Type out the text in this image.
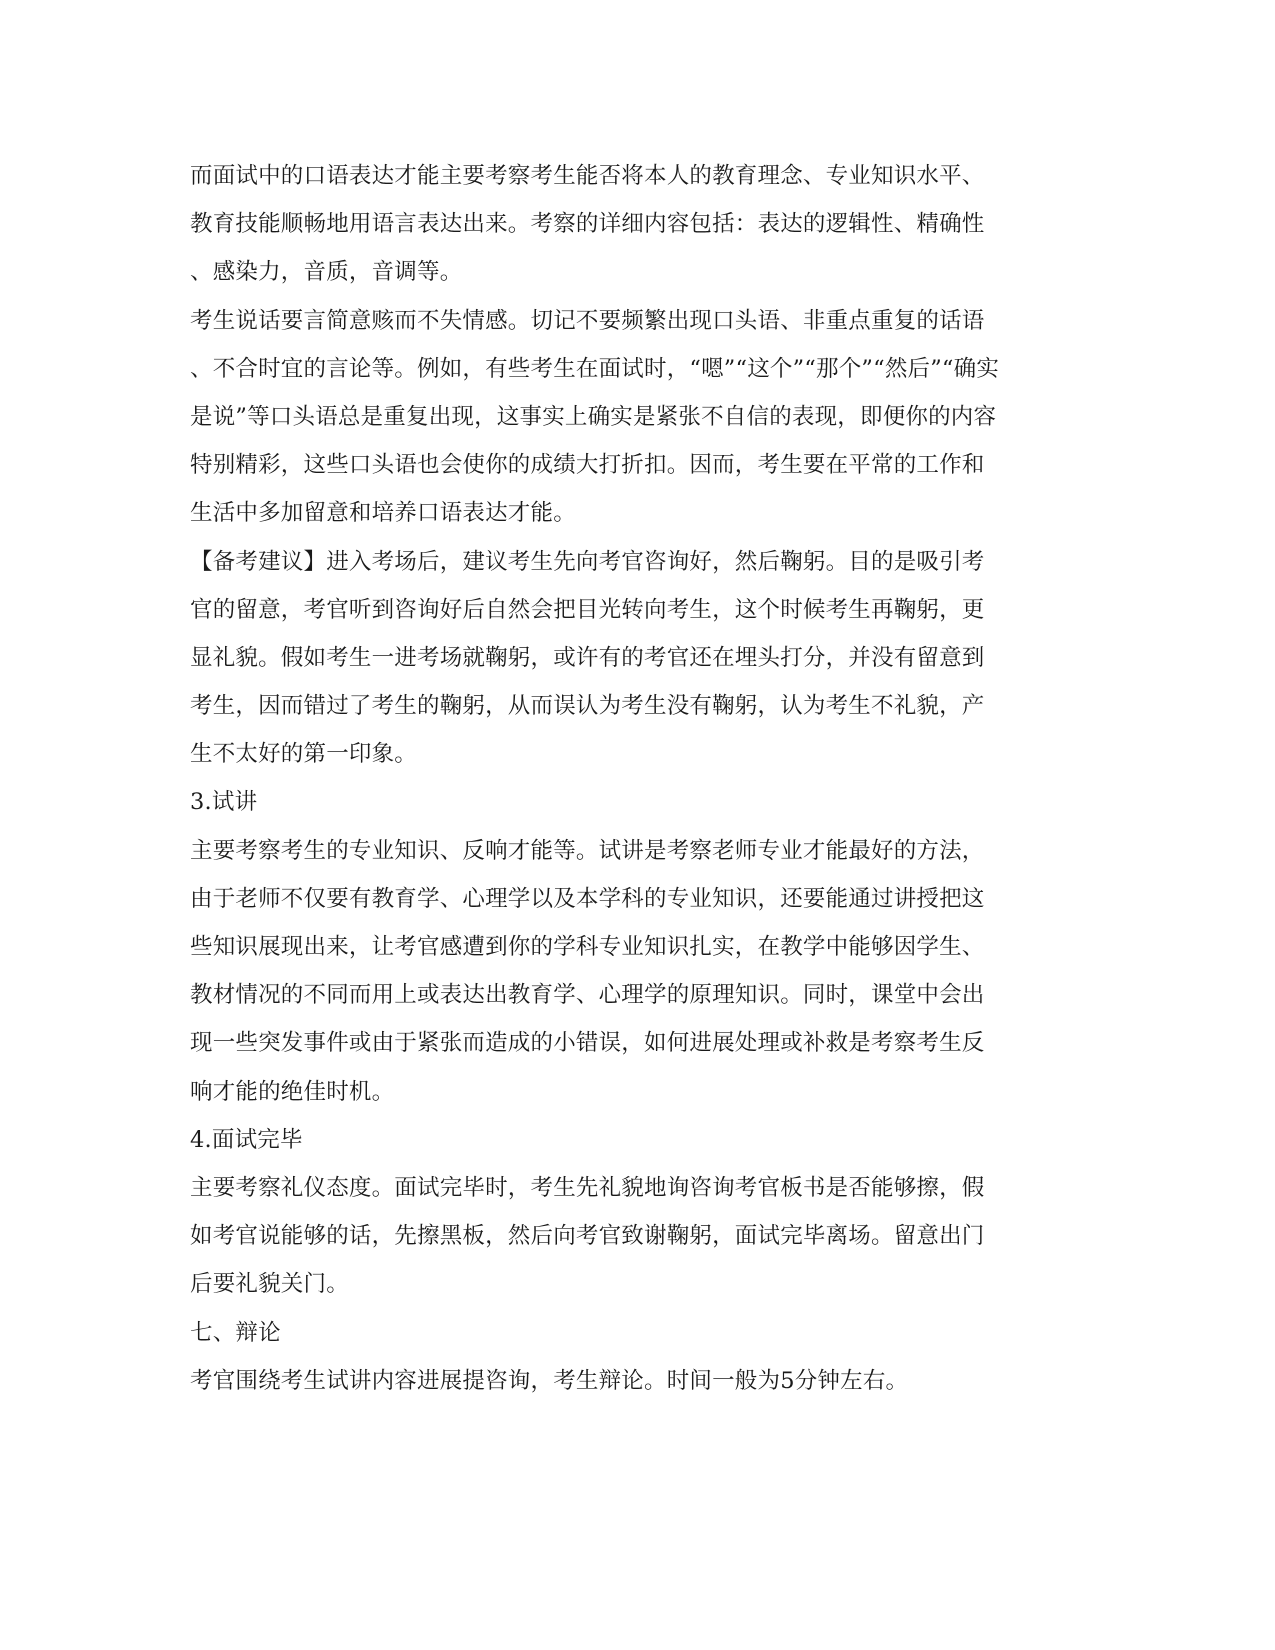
而面试中的口语表达才能主要考察考生能否将本人的教育理念、专业知识水平、
教育技能顺畅地用语言表达出来。考察的详细内容包括：表达的逻辑性、精确性
、感染力，音质，音调等。
考生说话要言简意赅而不失情感。切记不要频繁出现口头语、非重点重复的话语
、不合时宜的言论等。例如，有些考生在面试时，“嗯”“这个”“那个”“然后”“确实
是说”等口头语总是重复出现，这事实上确实是紧张不自信的表现，即便你的内容
特别精彩，这些口头语也会使你的成绩大打折扣。因而，考生要在平常的工作和
生活中多加留意和培养口语表达才能。
【备考建议】进入考场后，建议考生先向考官咨询好，然后鞠躬。目的是吸引考
官的留意，考官听到咨询好后自然会把目光转向考生，这个时候考生再鞠躬，更
显礼貌。假如考生一进考场就鞠躬，或许有的考官还在埋头打分，并没有留意到
考生，因而错过了考生的鞠躬，从而误认为考生没有鞠躬，认为考生不礼貌，产
生不太好的第一印象。
3.试讲
主要考察考生的专业知识、反响才能等。试讲是考察老师专业才能最好的方法，
由于老师不仅要有教育学、心理学以及本学科的专业知识，还要能通过讲授把这
些知识展现出来，让考官感遭到你的学科专业知识扎实，在教学中能够因学生、
教材情况的不同而用上或表达出教育学、心理学的原理知识。同时，课堂中会出
现一些突发事件或由于紧张而造成的小错误，如何进展处理或补救是考察考生反
响才能的绝佳时机。
4.面试完毕
主要考察礼仪态度。面试完毕时，考生先礼貌地询咨询考官板书是否能够擦，假
如考官说能够的话，先擦黑板，然后向考官致谢鞠躬，面试完毕离场。留意出门
后要礼貌关门。
七、辩论
考官围绕考生试讲内容进展提咨询，考生辩论。时间一般为5分钟左右。
